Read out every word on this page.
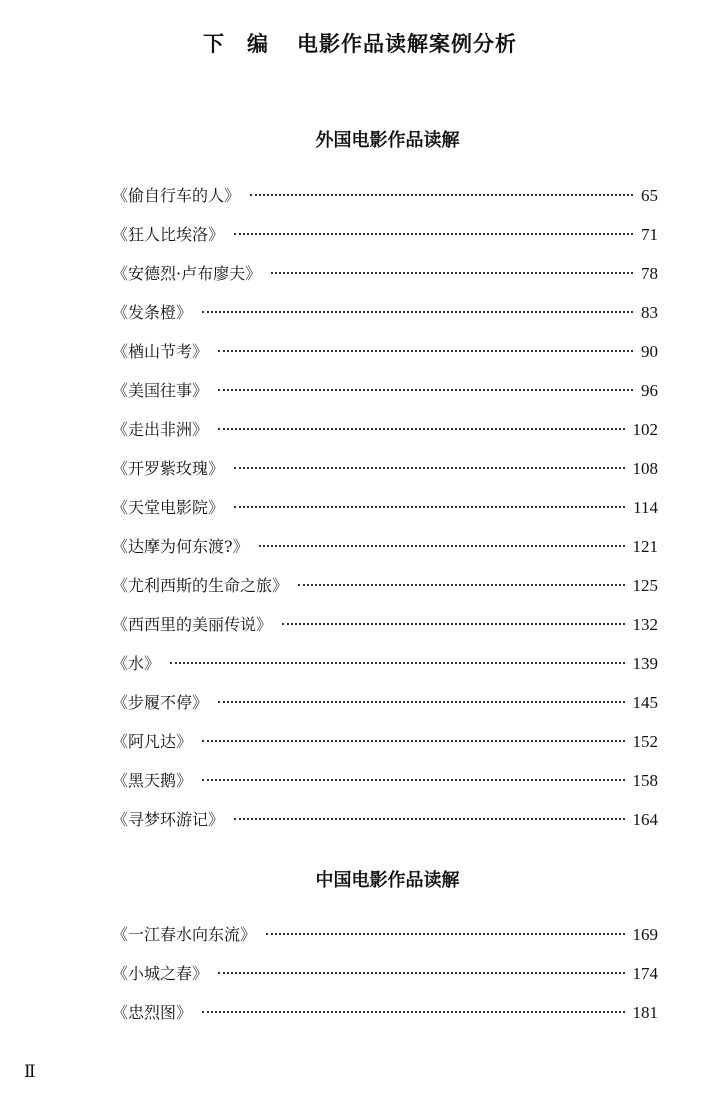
下 编 电影作品读解案例分析
外国电影作品读解
《偷自行车的人》	65
《狂人比埃洛》	71
《安德烈·卢布廖夫》	78
《发条橙》	83
《楢山节考》	90
《美国往事》	96
《走出非洲》	102
《开罗紫玫瑰》	108
《天堂电影院》	114
《达摩为何东渡?》	121
《尤利西斯的生命之旅》	125
《西西里的美丽传说》	132
《水》	139
《步履不停》	145
《阿凡达》	152
《黑天鹅》	158
《寻梦环游记》	164
中国电影作品读解
《一江春水向东流》	169
《小城之春》	174
《忠烈图》	181
Ⅱ
